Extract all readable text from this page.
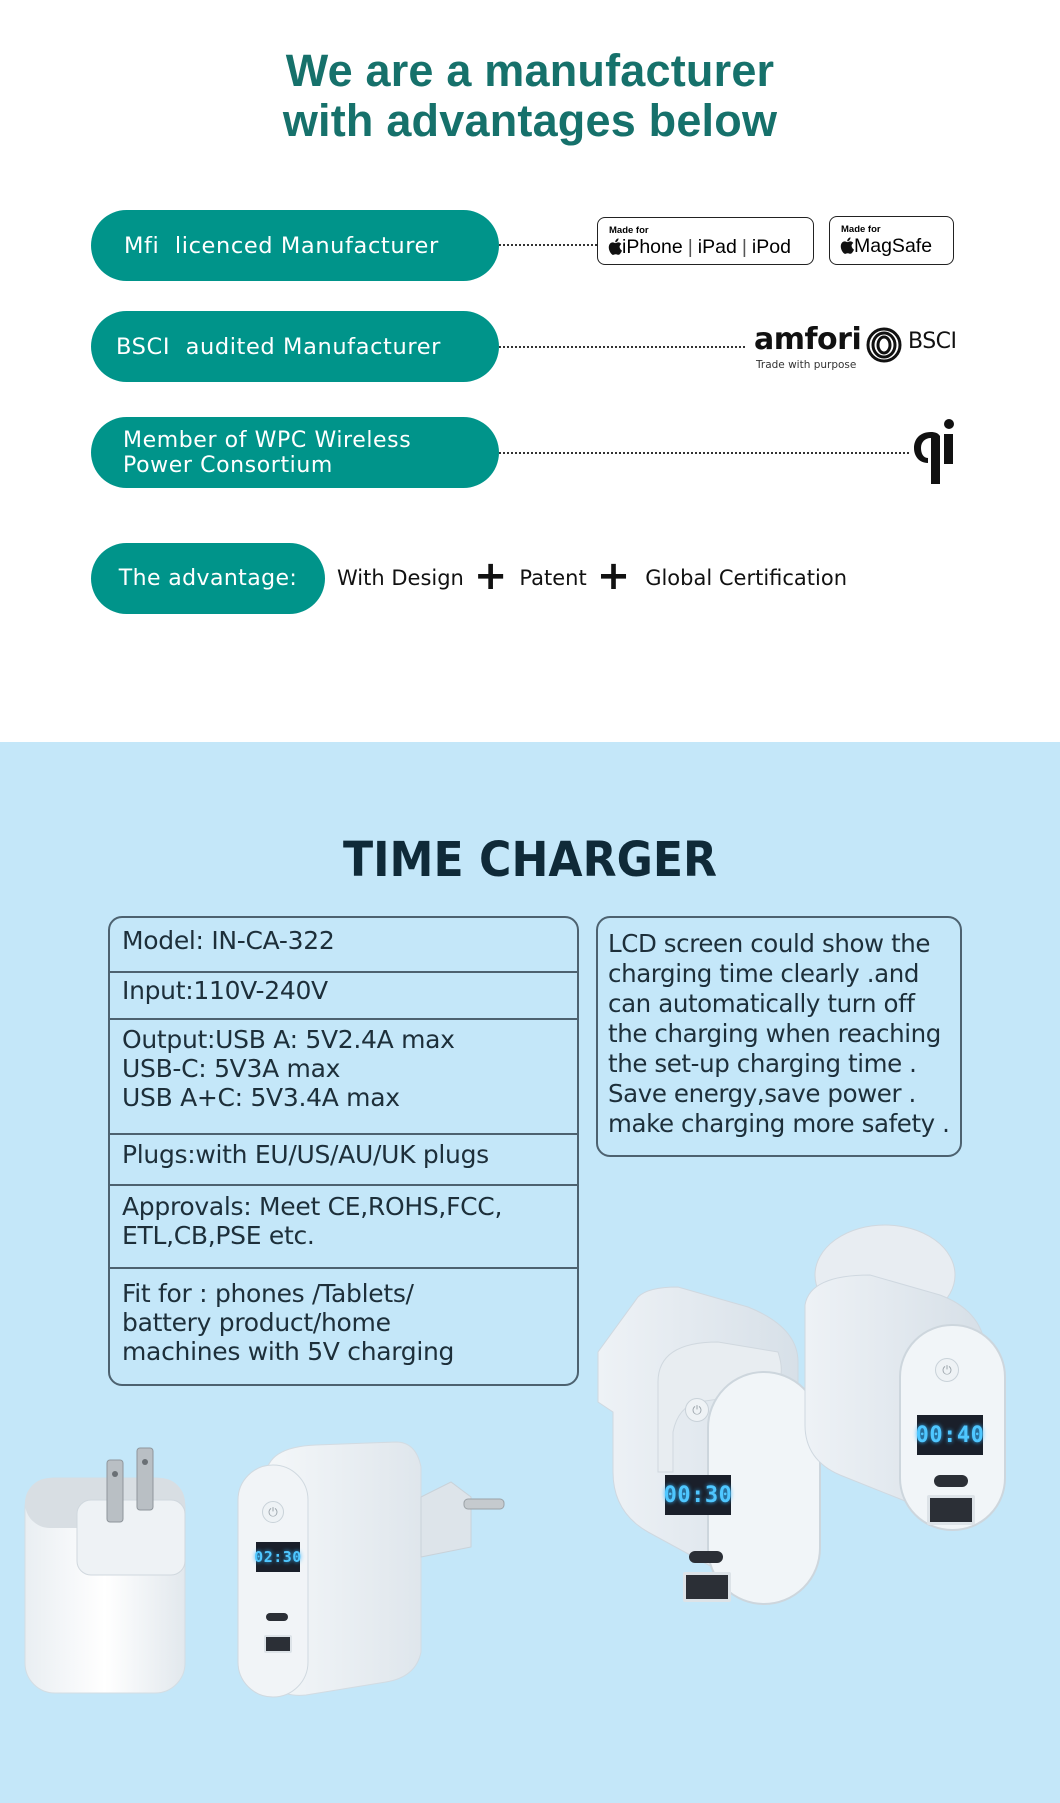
We are a manufacturer
with advantages below
Mfi  licenced Manufacturer
Made for
iPhone | iPad | iPod
Made for
MagSafe
BSCI  audited Manufacturer	amfori
Trade with purpose
BSCI
Member of WPC Wireless
Power Consortium
The advantage: With Design + Patent + Global Certification
TIME CHARGER
Model: IN-CA-322
Input:110V-240V
Output:USB A: 5V2.4A max
USB-C: 5V3A max
USB A+C: 5V3.4A max
Plugs:with EU/US/AU/UK plugs
Approvals: Meet CE,ROHS,FCC,
ETL,CB,PSE etc.
Fit for : phones /Tablets/
battery product/home
machines with 5V charging
LCD screen could show the
charging time clearly .and
can automatically turn off
the charging when reaching
the set-up charging time .
Save energy,save power .
make charging more safety .
⏻
02:30
⏻
00:30
⏻
00:40
